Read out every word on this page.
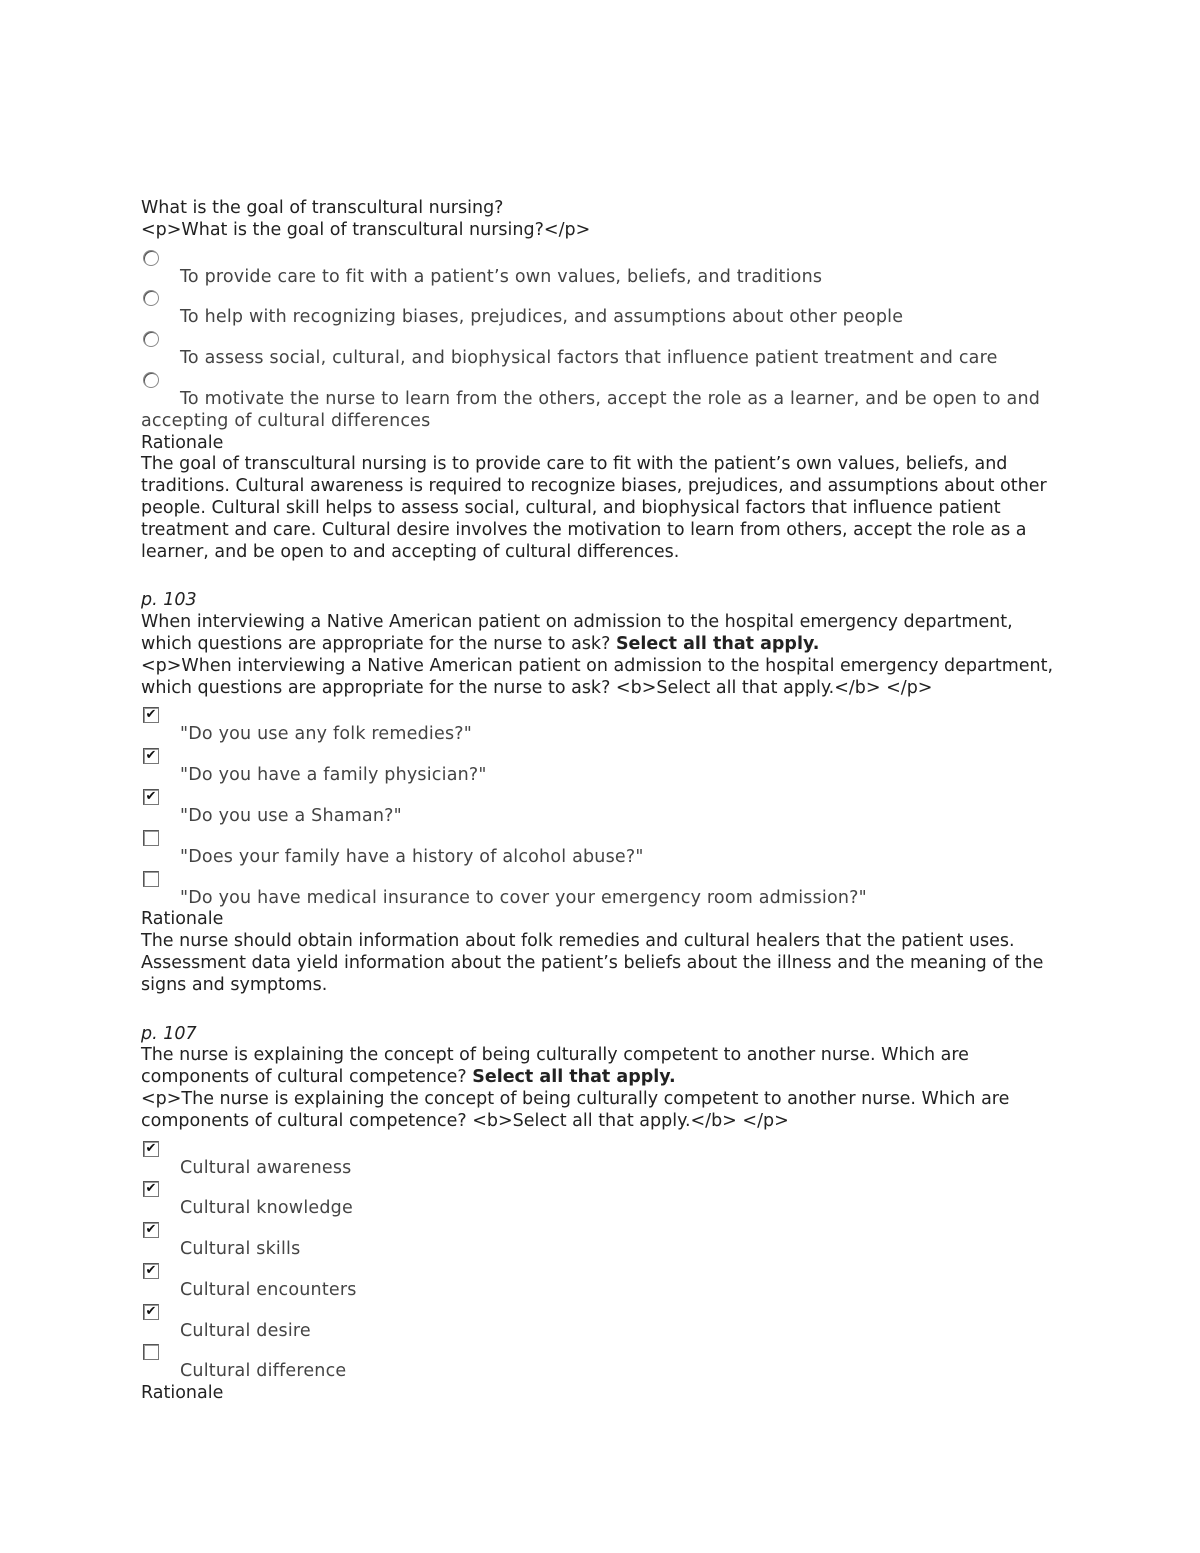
What is the goal of transcultural nursing?
<p>What is the goal of transcultural nursing?</p>
To provide care to fit with a patient’s own values, beliefs, and traditions
To help with recognizing biases, prejudices, and assumptions about other people
To assess social, cultural, and biophysical factors that influence patient treatment and care
To motivate the nurse to learn from the others, accept the role as a learner, and be open to and accepting of cultural differences
Rationale
The goal of transcultural nursing is to provide care to fit with the patient’s own values, beliefs, and traditions. Cultural awareness is required to recognize biases, prejudices, and assumptions about other people. Cultural skill helps to assess social, cultural, and biophysical factors that influence patient treatment and care. Cultural desire involves the motivation to learn from others, accept the role as a learner, and be open to and accepting of cultural differences.
p. 103
When interviewing a Native American patient on admission to the hospital emergency department, which questions are appropriate for the nurse to ask? Select all that apply.
<p>When interviewing a Native American patient on admission to the hospital emergency department, which questions are appropriate for the nurse to ask? <b>Select all that apply.</b> </p>
✔
"Do you use any folk remedies?"
✔
"Do you have a family physician?"
✔
"Do you use a Shaman?"
"Does your family have a history of alcohol abuse?"
"Do you have medical insurance to cover your emergency room admission?"
Rationale
The nurse should obtain information about folk remedies and cultural healers that the patient uses. Assessment data yield information about the patient’s beliefs about the illness and the meaning of the signs and symptoms.
p. 107
The nurse is explaining the concept of being culturally competent to another nurse. Which are components of cultural competence? Select all that apply.
<p>The nurse is explaining the concept of being culturally competent to another nurse. Which are components of cultural competence? <b>Select all that apply.</b> </p>
✔
Cultural awareness
✔
Cultural knowledge
✔
Cultural skills
✔
Cultural encounters
✔
Cultural desire
Cultural difference
Rationale
